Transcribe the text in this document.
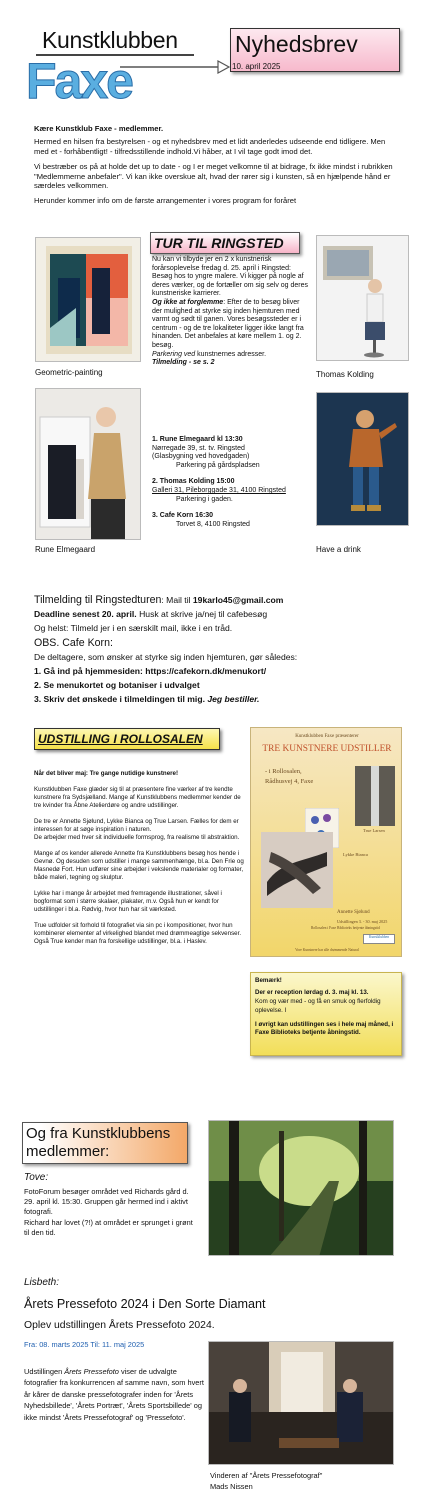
Kunstklubben
Faxe
Nyhedsbrev
10. april 2025

Kære Kunstklub Faxe - medlemmer.

Hermed en hilsen fra bestyrelsen - og et nyhedsbrev med et lidt anderledes udseende end tidligere. Men med et - forhåbentligt! - tilfredsstillende indhold.Vi håber, at I vil tage godt imod det.

Vi bestræber os på at holde det up to date - og I er meget velkomne til at bidrage, fx ikke mindst i rubrikken "Medlemmerne anbefaler". Vi kan ikke overskue alt, hvad der rører sig i kunsten, så en hjælpende hånd er særdeles velkommen.

Herunder kommer info om de første arrangementer i vores program for foråret

Geometric-painting
Rune Elmegaard
Thomas Kolding
Have a drink
TUR TIL RINGSTED

Nu kan vi tilbyde jer en 2 x kunstnerisk forårsoplevelse fredag d. 25. april i Ringsted:

Besøg hos to yngre malere. Vi kigger på nogle af deres værker, og de fortæller om sig selv og deres kunstneriske karrierer.

Og ikke at forglemme: Efter de to besøg bliver der mulighed at styrke sig inden hjemturen med varmt og sødt til ganen. Vores besøgssteder er i centrum - og de tre lokaliteter ligger ikke langt fra hinanden. Det anbefales at køre mellem 1. og 2. besøg.

Parkering ved kunstnernes adresser.

Tilmelding - se s. 2

1. Rune Elmegaard kl 13:30

Nørregade 39, st. tv. Ringsted

(Glasbygning ved hovedgaden)

Parkering på gårdspladsen

2. Thomas Kolding 15:00

Galleri 31, Pileborggade 31, 4100 Ringsted

Parkering i gaden.

3. Cafe Korn 16:30

Torvet 8, 4100 Ringsted

Tilmelding til Ringstedturen: Mail til 19karlo45@gmail.com

Deadline senest 20. april. Husk at skrive ja/nej til cafebesøg

Og helst: Tilmeld jer i en særskilt mail, ikke i en tråd.

OBS. Cafe Korn:

De deltagere, som ønsker at styrke sig inden hjemturen, gør således:

1. Gå ind på hjemmesiden: https://cafekorn.dk/menukort/

2. Se menukortet og botaniser i udvalget

3. Skriv det ønskede i tilmeldingen til mig. Jeg bestiller.

UDSTILLING I ROLLOSALEN

Når det bliver maj: Tre gange nutidige kunstnere!

Kunstklubben Faxe glæder sig til at præsentere fine værker af tre kendte kunstnere fra Sydsjælland. Mange af Kunstklubbens medlemmer kender de tre kvinder fra Åbne Atelierdøre og andre udstillinger.

De tre er Annette Sjølund, Lykke Bianca og True Larsen. Fælles for dem er interessen for at søge inspiration i naturen.
De arbejder med hver sit individuelle formsprog, fra realisme til abstraktion.

Mange af os kender allerede Annette fra Kunstklubbens besøg hos hende i Gevnø. Og desuden som udstiller i mange sammenhænge, bl.a. Den Frie og Masnedø Fort. Hun udfører sine arbejder i vekslende materialer og formater, både maleri, tegning og skulptur.

Lykke har i mange år arbejdet med fremragende illustrationer, såvel i bogformat som i større skalaer, plakater, m.v. Også hun er kendt for udstillinger i bl.a. Rødvig, hvor hun har sit værksted.

True udfolder sit forhold til fotografiet via sin pc i kompositioner, hvor hun kombinerer elementer af virkelighed blandet med drømmeagtige sekvenser. Også True kender man fra forskellige udstillinger, bl.a. i Haslev.

Kunstklubben Faxe præsenterer
TRE KUNSTNERE UDSTILLER
- i Rollosalen,
Rådhusvej 4, Faxe
True Larsen
Lykke Bianca
Annette Sjølund
Udstillingen 3. - 30. maj 2025
Rollosalen i Faxe Biblioteks betjente åbningstid
Kunstklubben
Vore Kunstnere har alle drømmende Natural

Bemærk!

Der er reception lørdag d. 3. maj kl. 13.

Kom og vær med - og få en smuk og flerfoldig oplevelse. I

I øvrigt kan udstillingen ses i hele maj måned, i Faxe Biblioteks betjente åbningstid.

Og fra Kunstklubbens medlemmer:
Tove:

FotoForum besøger området ved Richards gård d. 29. april kl. 15:30. Gruppen går hermed ind i aktivt fotografi.

Richard har lovet (?!) at området er sprunget i grønt til den tid.

Lisbeth:
Årets Pressefoto 2024 i Den Sorte Diamant
Oplev udstillingen Årets Pressefoto 2024.
Fra: 08. marts 2025 Til: 11. maj 2025
Udstillingen Årets Pressefoto viser de udvalgte fotografier fra konkurrencen af samme navn, som hvert år kårer de danske pressefotografer inden for 'Årets Nyhedsbillede', 'Årets Portræt', 'Årets Sportsbillede' og ikke mindst 'Årets Pressefotograf' og 'Pressefoto'.

Vinderen af "Årets Pressefotograf"

Mads Nissen
